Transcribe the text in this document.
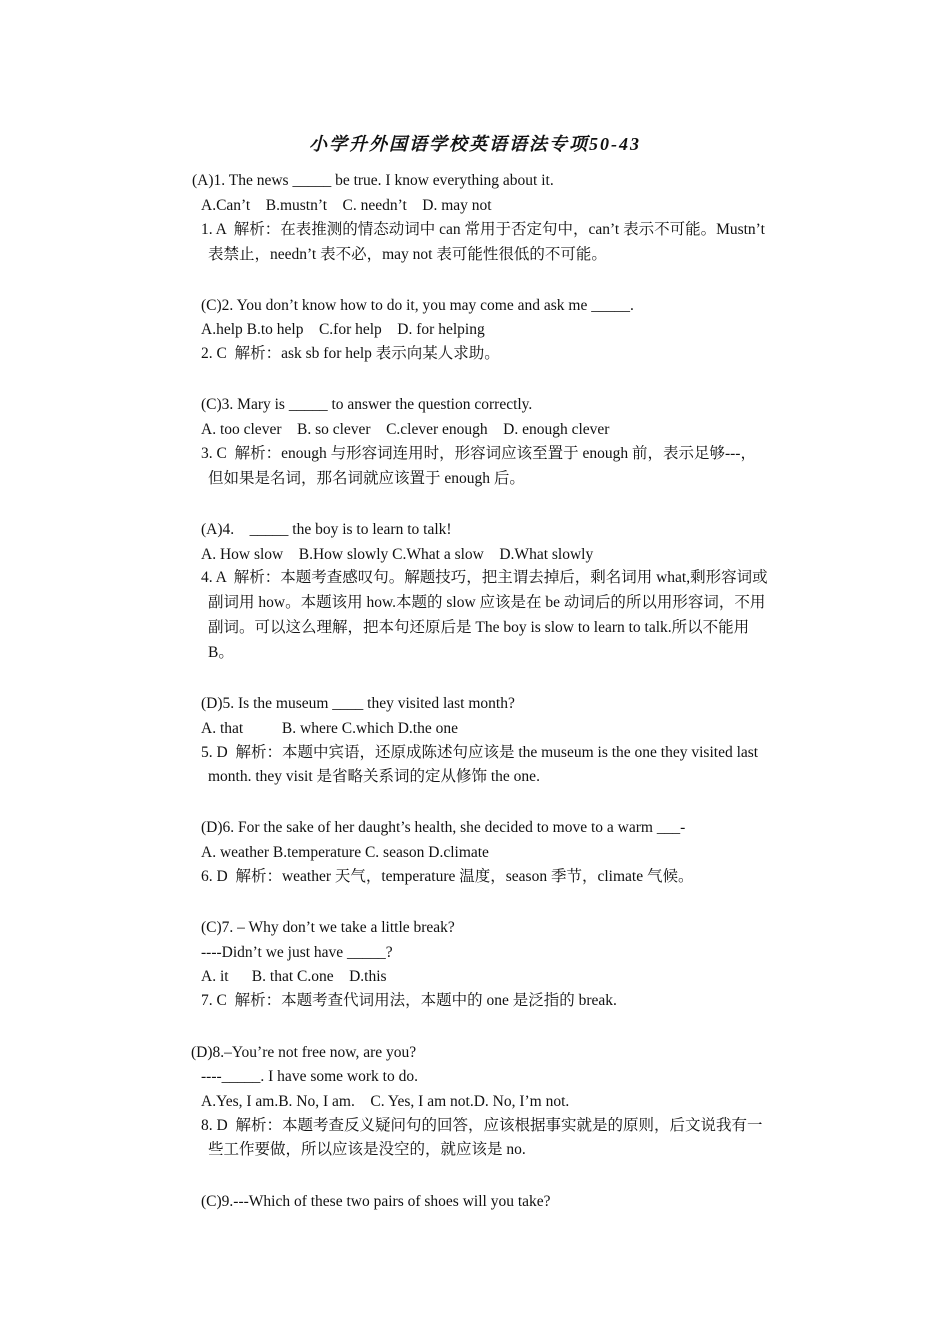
小学升外国语学校英语语法专项50-43
(A)1. The news _____ be true. I know everything about it.
A.Can’t    B.mustn’t    C. needn’t    D. may not
1. A  解析：在表推测的情态动词中 can 常用于否定句中，can’t 表示不可能。Mustn’t
表禁止，needn’t 表不必，may not 表可能性很低的不可能。
(C)2. You don’t know how to do it, you may come and ask me _____.
A.help B.to help    C.for help    D. for helping
2. C  解析：ask sb for help 表示向某人求助。
(C)3. Mary is _____ to answer the question correctly.
A. too clever    B. so clever    C.clever enough    D. enough clever
3. C  解析：enough 与形容词连用时，形容词应该至置于 enough 前，表示足够---，
但如果是名词，那名词就应该置于 enough 后。
(A)4.    _____ the boy is to learn to talk!
A. How slow    B.How slowly C.What a slow    D.What slowly
4. A  解析：本题考查感叹句。解题技巧，把主谓去掉后，剩名词用 what,剩形容词或
副词用 how。本题该用 how.本题的 slow 应该是在 be 动词后的所以用形容词，不用
副词。可以这么理解，把本句还原后是 The boy is slow to learn to talk.所以不能用
B。
(D)5. Is the museum ____ they visited last month?
A. that          B. where C.which D.the one
5. D  解析：本题中宾语，还原成陈述句应该是 the museum is the one they visited last
month. they visit 是省略关系词的定从修饰 the one.
(D)6. For the sake of her daught’s health, she decided to move to a warm ___-
A. weather B.temperature C. season D.climate
6. D  解析：weather 天气，temperature 温度，season 季节，climate 气候。
(C)7. – Why don’t we take a little break?
----Didn’t we just have _____?
A. it      B. that C.one    D.this
7. C  解析：本题考查代词用法，本题中的 one 是泛指的 break.
(D)8.–You’re not free now, are you?
----_____. I have some work to do.
A.Yes, I am.B. No, I am.    C. Yes, I am not.D. No, I’m not.
8. D  解析：本题考查反义疑问句的回答，应该根据事实就是的原则，后文说我有一
些工作要做，所以应该是没空的，就应该是 no.
(C)9.---Which of these two pairs of shoes will you take?
